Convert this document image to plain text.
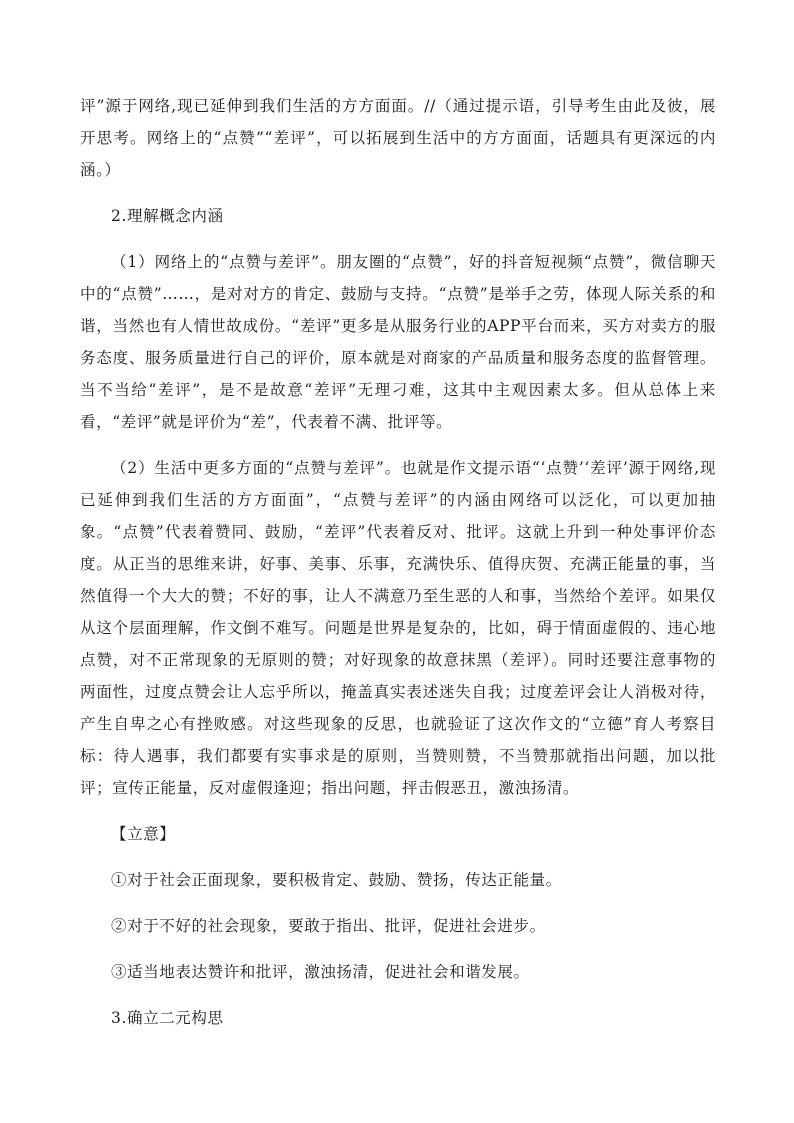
评”源于网络,现已延伸到我们生活的方方面面。//（通过提示语，引导考生由此及彼，展开思考。网络上的“点赞”“差评”，可以拓展到生活中的方方面面，话题具有更深远的内涵。）

2.理解概念内涵

（1）网络上的“点赞与差评”。朋友圈的“点赞”，好的抖音短视频“点赞”，微信聊天中的“点赞”……，是对对方的肯定、鼓励与支持。“点赞”是举手之劳，体现人际关系的和谐，当然也有人情世故成份。“差评”更多是从服务行业的APP平台而来，买方对卖方的服务态度、服务质量进行自己的评价，原本就是对商家的产品质量和服务态度的监督管理。当不当给“差评”，是不是故意“差评”无理刁难，这其中主观因素太多。但从总体上来看，“差评”就是评价为“差”，代表着不满、批评等。

（2）生活中更多方面的“点赞与差评”。也就是作文提示语“‘点赞’‘差评’源于网络,现已延伸到我们生活的方方面面”，“点赞与差评”的内涵由网络可以泛化，可以更加抽象。“点赞”代表着赞同、鼓励，“差评”代表着反对、批评。这就上升到一种处事评价态度。从正当的思维来讲，好事、美事、乐事，充满快乐、值得庆贺、充满正能量的事，当然值得一个大大的赞；不好的事，让人不满意乃至生恶的人和事，当然给个差评。如果仅从这个层面理解，作文倒不难写。问题是世界是复杂的，比如，碍于情面虚假的、违心地点赞，对不正常现象的无原则的赞；对好现象的故意抹黑（差评）。同时还要注意事物的两面性，过度点赞会让人忘乎所以，掩盖真实表述迷失自我；过度差评会让人消极对待，产生自卑之心有挫败感。对这些现象的反思，也就验证了这次作文的“立德”育人考察目标：待人遇事，我们都要有实事求是的原则，当赞则赞，不当赞那就指出问题，加以批评；宣传正能量，反对虚假逢迎；指出问题，抨击假恶丑，激浊扬清。

【立意】

①对于社会正面现象，要积极肯定、鼓励、赞扬，传达正能量。

②对于不好的社会现象，要敢于指出、批评，促进社会进步。

③适当地表达赞许和批评，激浊扬清，促进社会和谐发展。

3.确立二元构思
